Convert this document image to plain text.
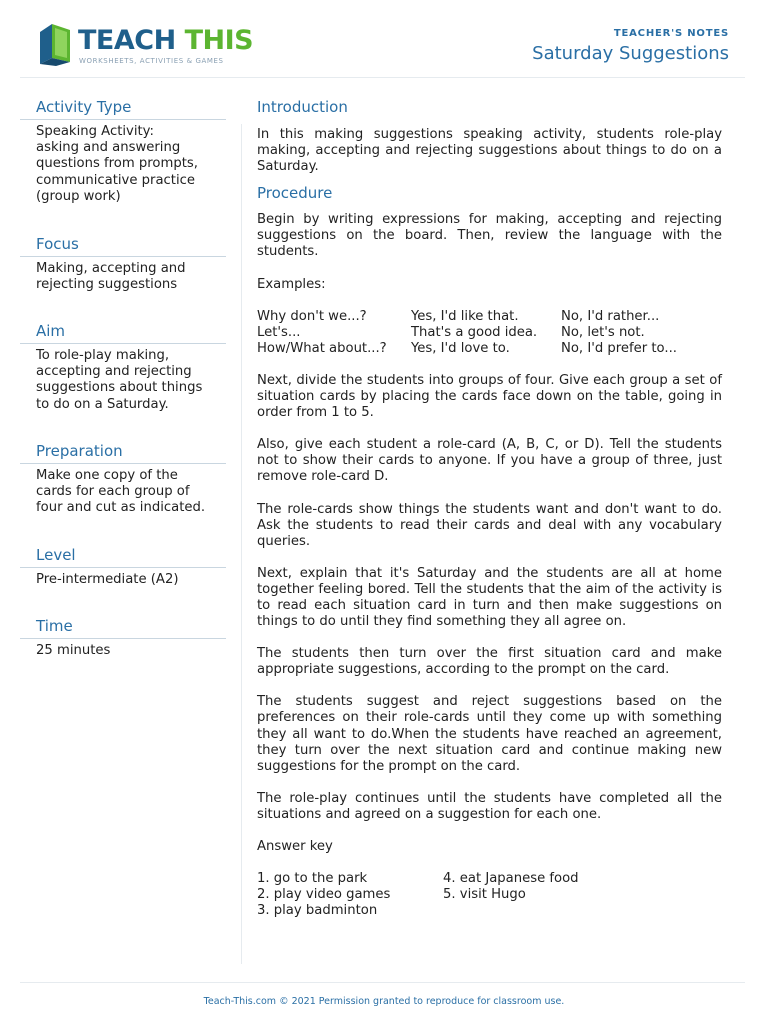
TEACH THIS
WORKSHEETS, ACTIVITIES & GAMES
TEACHER'S NOTES
Saturday Suggestions
Activity Type
Speaking Activity:
asking and answering
questions from prompts,
communicative practice
(group work)
Focus
Making, accepting and
rejecting suggestions
Aim
To role-play making,
accepting and rejecting
suggestions about things
to do on a Saturday.
Preparation
Make one copy of the
cards for each group of
four and cut as indicated.
Level
Pre-intermediate (A2)
Time
25 minutes
Introduction
In this making suggestions speaking activity, students role-play making, accepting and rejecting suggestions about things to do on a Saturday.
Procedure
Begin by writing expressions for making, accepting and rejecting suggestions on the board. Then, review the language with the students.
Examples:
Why don't we...?	Yes, I'd like that.	No, I'd rather...
Let's...	That's a good idea.	No, let's not.
How/What about...?	Yes, I'd love to.	No, I'd prefer to...
Next, divide the students into groups of four. Give each group a set of situation cards by placing the cards face down on the table, going in order from 1 to 5.
Also, give each student a role-card (A, B, C, or D). Tell the students not to show their cards to anyone. If you have a group of three, just remove role-card D.
The role-cards show things the students want and don't want to do. Ask the students to read their cards and deal with any vocabulary queries.
Next, explain that it's Saturday and the students are all at home together feeling bored. Tell the students that the aim of the activity is to read each situation card in turn and then make suggestions on things to do until they find something they all agree on.
The students then turn over the first situation card and make appropriate suggestions, according to the prompt on the card.
The students suggest and reject suggestions based on the preferences on their role-cards until they come up with something they all want to do.When the students have reached an agreement, they turn over the next situation card and continue making new suggestions for the prompt on the card.
The role-play continues until the students have completed all the situations and agreed on a suggestion for each one.
Answer key
1. go to the park	4. eat Japanese food
2. play video games	5. visit Hugo
3. play badminton
Teach-This.com © 2021 Permission granted to reproduce for classroom use.
